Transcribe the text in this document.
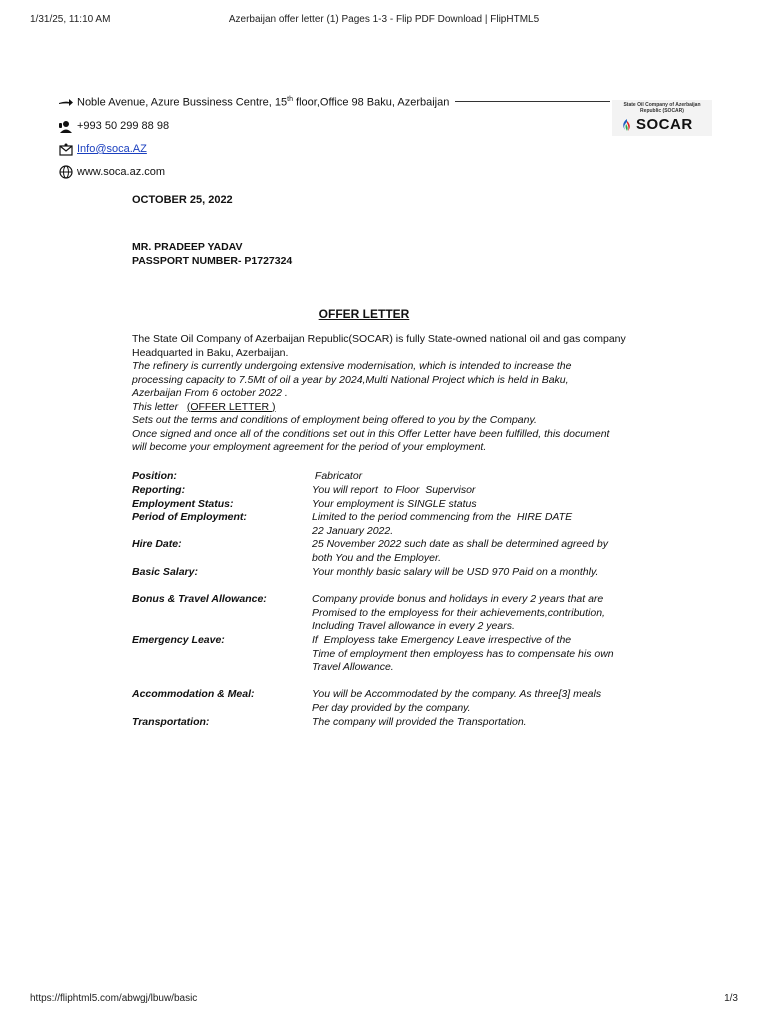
1/31/25, 11:10 AM	Azerbaijan offer letter (1) Pages 1-3 - Flip PDF Download | FlipHTML5
Noble Avenue, Azure Bussiness Centre, 15th floor,Office 98 Baku, Azerbaijan
+993 50 299 88 98
Info@soca.AZ
www.soca.az.com
State Oil Company of Azerbaijan
Republic (SOCAR)
SOCAR
OCTOBER 25, 2022
MR. PRADEEP YADAV
PASSPORT NUMBER- P1727324
OFFER LETTER

The State Oil Company of Azerbaijan Republic(SOCAR) is fully State-owned national oil and gas company

Headquarted in Baku, Azerbaijan.

The refinery is currently undergoing extensive modernisation, which is intended to increase the

processing capacity to 7.5Mt of oil a year by 2024,Multi National Project which is held in Baku,

Azerbaijan From 6 october 2022 .

This letter   (OFFER LETTER )

Sets out the terms and conditions of employment being offered to you by the Company.

Once signed and once all of the conditions set out in this Offer Letter have been fulfilled, this document

will become your employment agreement for the period of your employment.

Position:	Fabricator
Reporting:	You will report  to Floor  Supervisor
Employment Status:	Your employment is SINGLE status
Period of Employment:	Limited to the period commencing from the  HIRE DATE
22 January 2022.
Hire Date:	25 November 2022 such date as shall be determined agreed by
both You and the Employer.
Basic Salary:	Your monthly basic salary will be USD 970 Paid on a monthly.
Bonus & Travel Allowance:	Company provide bonus and holidays in every 2 years that are
Promised to the employess for their achievements,contribution,
Including Travel allowance in every 2 years.
Emergency Leave:	If  Employess take Emergency Leave irrespective of the
Time of employment then employess has to compensate his own
Travel Allowance.
Accommodation & Meal:	You will be Accommodated by the company. As three[3] meals
Per day provided by the company.
Transportation:	The company will provided the Transportation.
https://fliphtml5.com/abwgj/lbuw/basic	1/3
